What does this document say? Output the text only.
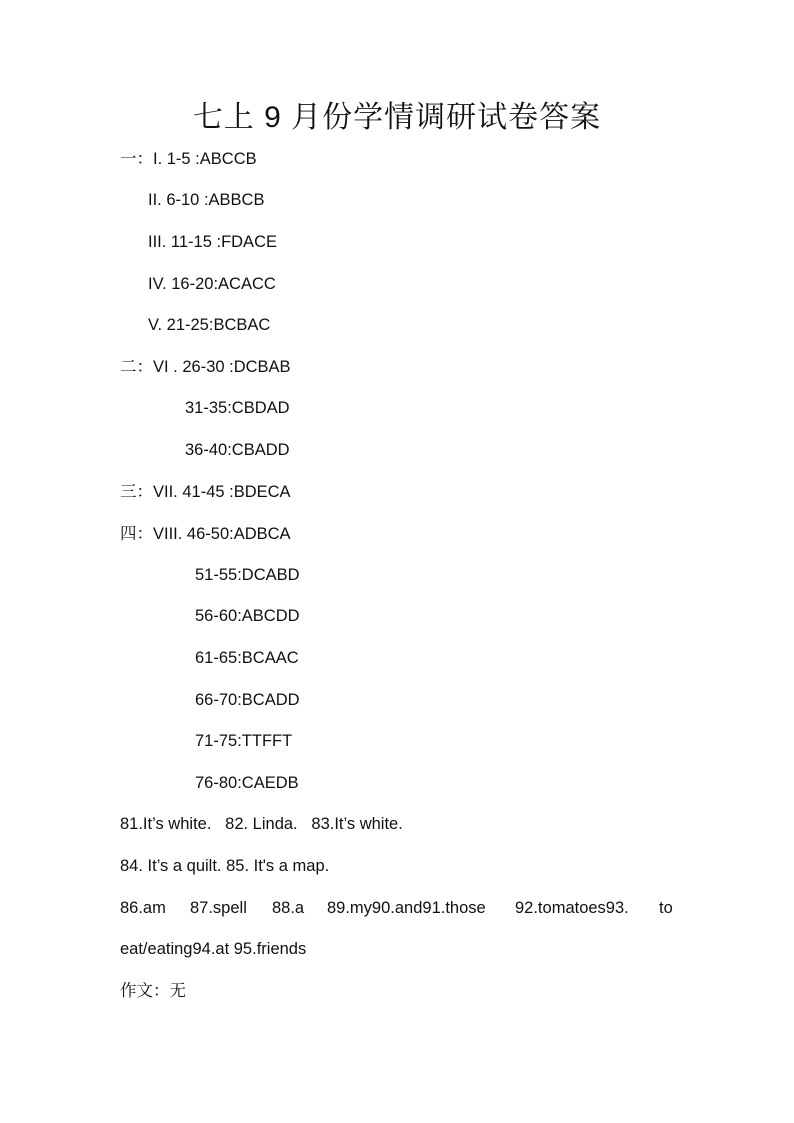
七上 9 月份学情调研试卷答案
一：I. 1-5 :ABCCB
II. 6-10 :ABBCB
III. 11-15 :FDACE
IV. 16-20:ACACC
V. 21-25:BCBAC
二：VI . 26-30 :DCBAB
31-35:CBDAD
36-40:CBADD
三：VII. 41-45 :BDECA
四：VIII. 46-50:ADBCA
51-55:DCABD
56-60:ABCDD
61-65:BCAAC
66-70:BCADD
71-75:TTFFT
76-80:CAEDB
81.It’s white.   82. Linda.   83.It’s white.
84. It’s a quilt. 85. It's a map.
86.am 87.spell 88.a 89.my90.and91.those 92.tomatoes93. to
eat/eating94.at 95.friends
作文：无
